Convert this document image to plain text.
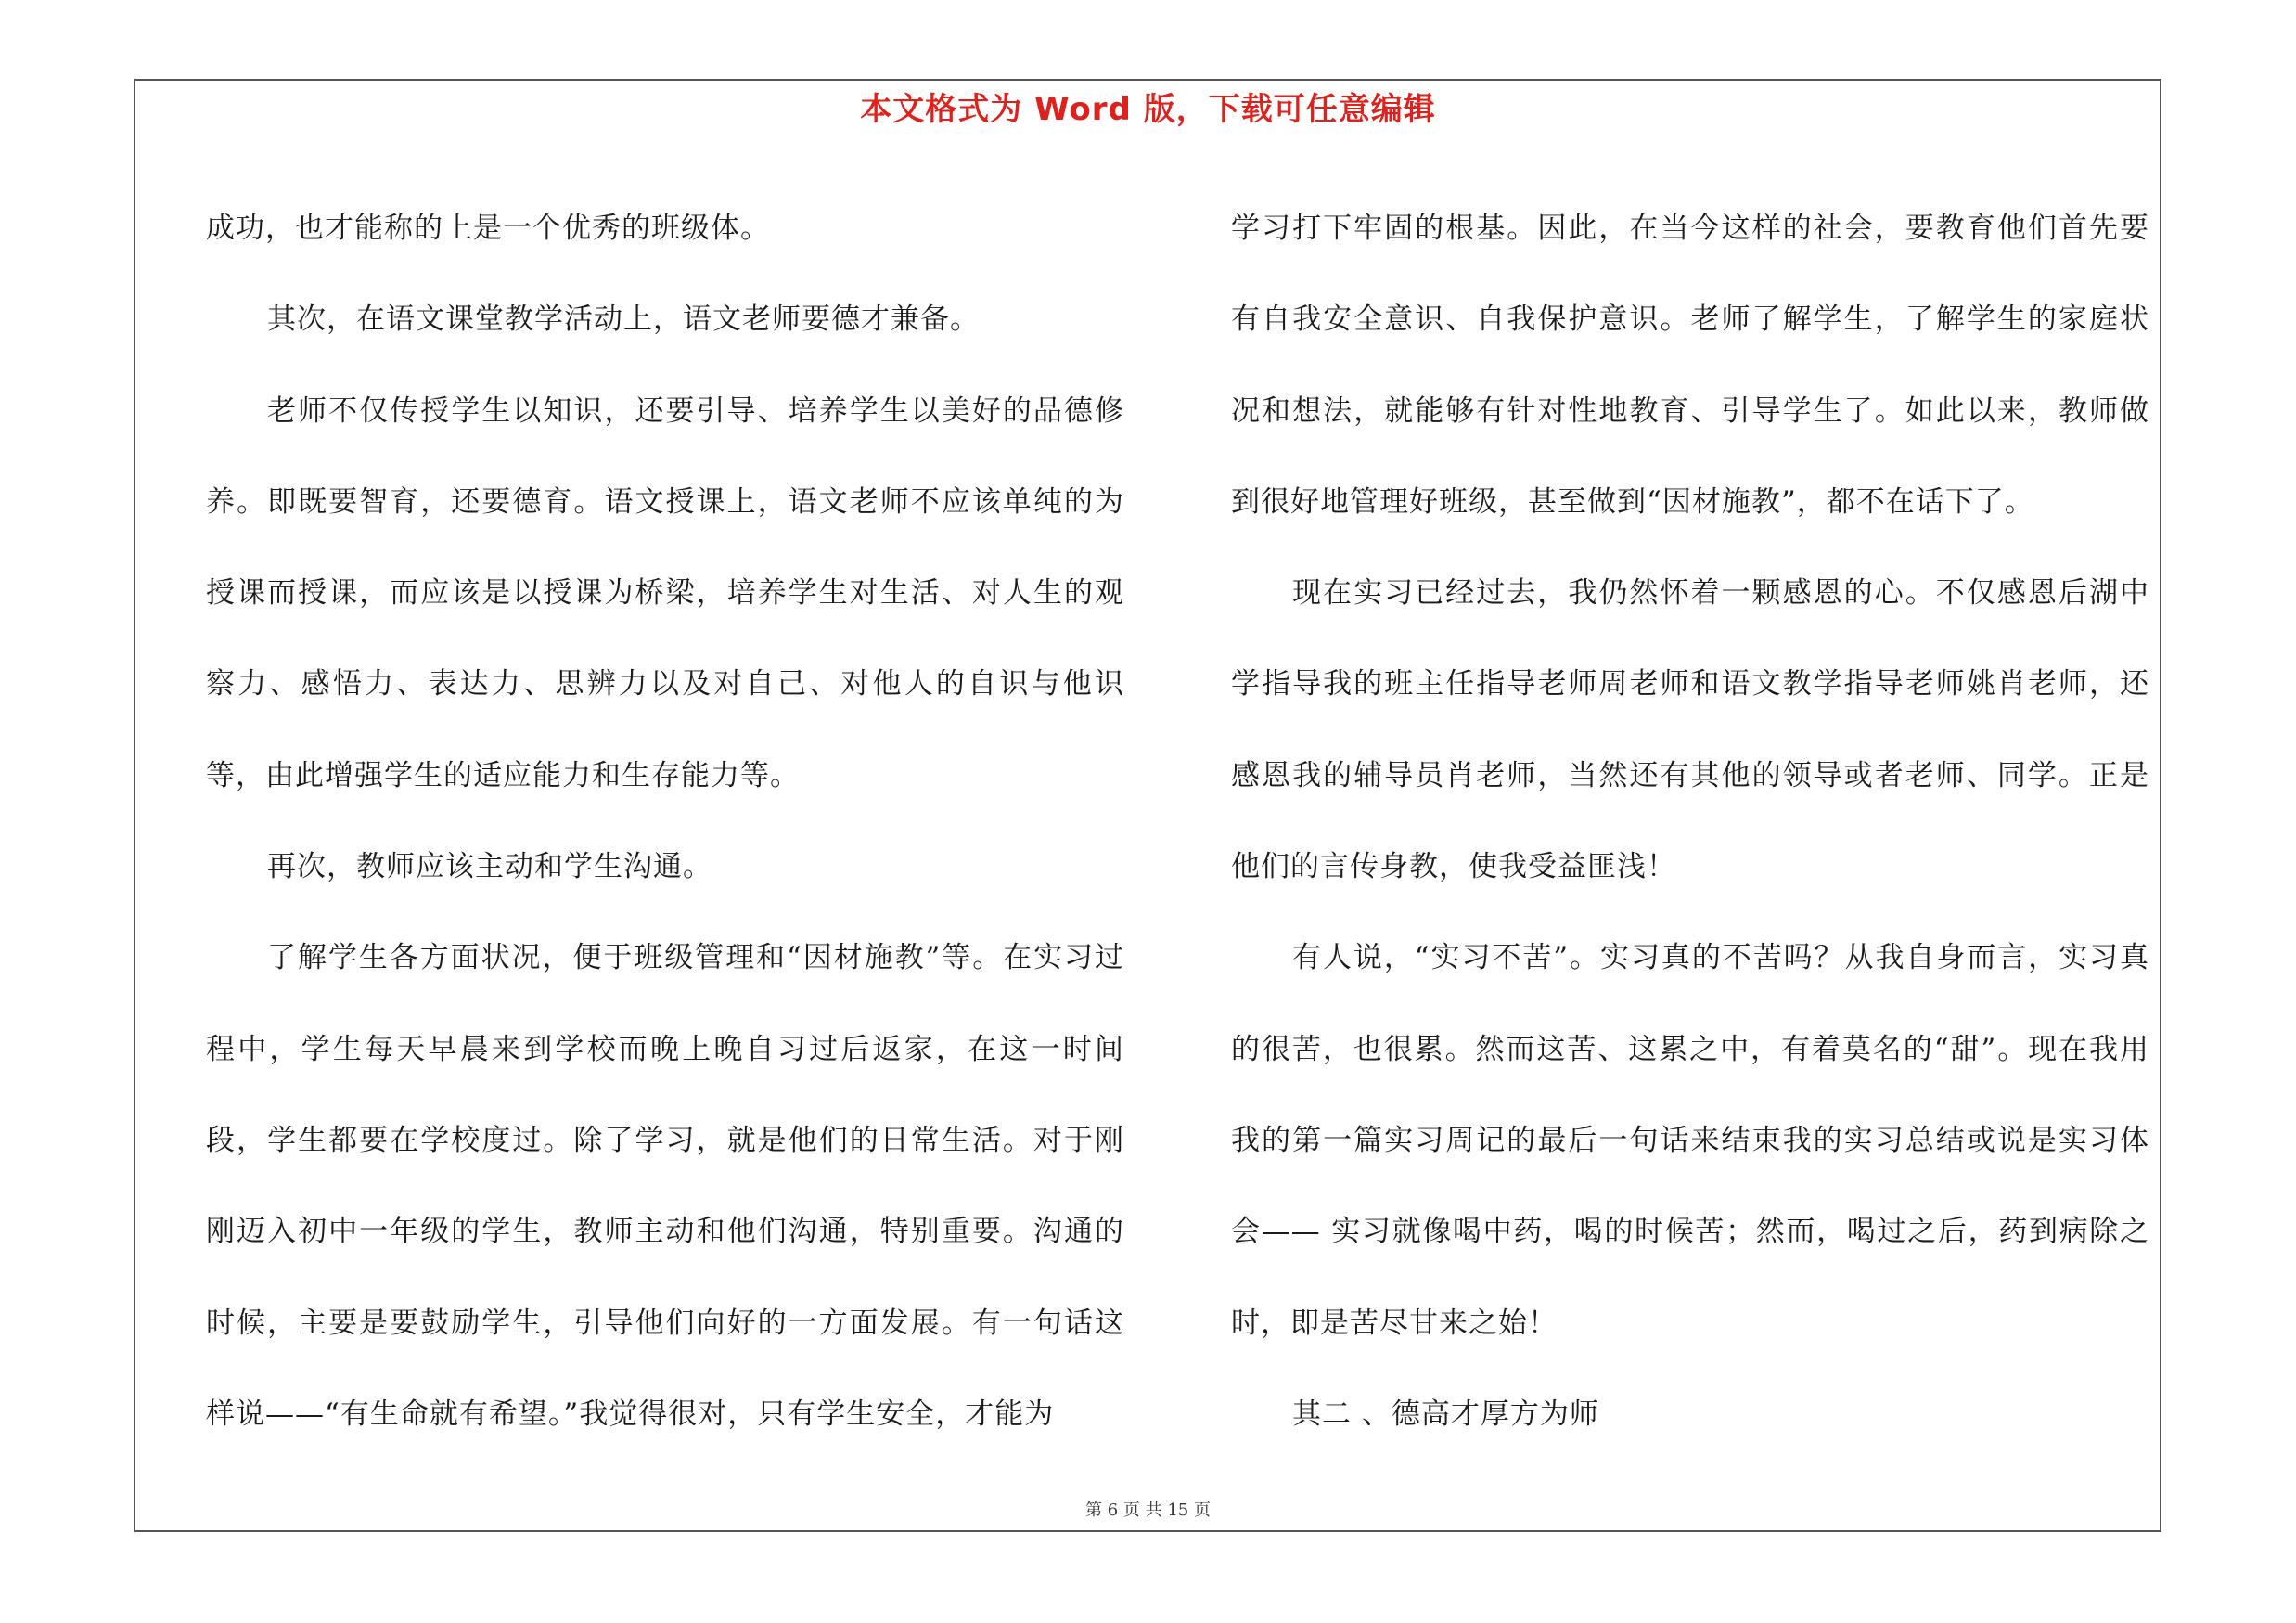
本文格式为 Word 版，下载可任意编辑

成功，也才能称的上是一个优秀的班级体。

其次，在语文课堂教学活动上，语文老师要德才兼备。

老师不仅传授学生以知识，还要引导、培养学生以美好的品德修养。即既要智育，还要德育。语文授课上，语文老师不应该单纯的为授课而授课，而应该是以授课为桥梁，培养学生对生活、对人生的观察力、感悟力、表达力、思辨力以及对自己、对他人的自识与他识等，由此增强学生的适应能力和生存能力等。

再次，教师应该主动和学生沟通。

了解学生各方面状况，便于班级管理和“因材施教”等。在实习过程中，学生每天早晨来到学校而晚上晚自习过后返家，在这一时间段，学生都要在学校度过。除了学习，就是他们的日常生活。对于刚刚迈入初中一年级的学生，教师主动和他们沟通，特别重要。沟通的时候，主要是要鼓励学生，引导他们向好的一方面发展。有一句话这样说——“有生命就有希望。”我觉得很对，只有学生安全，才能为

学习打下牢固的根基。因此，在当今这样的社会，要教育他们首先要有自我安全意识、自我保护意识。老师了解学生，了解学生的家庭状况和想法，就能够有针对性地教育、引导学生了。如此以来，教师做到很好地管理好班级，甚至做到“因材施教”，都不在话下了。

现在实习已经过去，我仍然怀着一颗感恩的心。不仅感恩后湖中学指导我的班主任指导老师周老师和语文教学指导老师姚肖老师，还感恩我的辅导员肖老师，当然还有其他的领导或者老师、同学。正是他们的言传身教，使我受益匪浅！

有人说，“实习不苦”。实习真的不苦吗？从我自身而言，实习真的很苦，也很累。然而这苦、这累之中，有着莫名的“甜”。现在我用我的第一篇实习周记的最后一句话来结束我的实习总结或说是实习体会—— 实习就像喝中药，喝的时候苦；然而，喝过之后，药到病除之时，即是苦尽甘来之始！

其二 、德高才厚方为师

第 6 页 共 15 页
